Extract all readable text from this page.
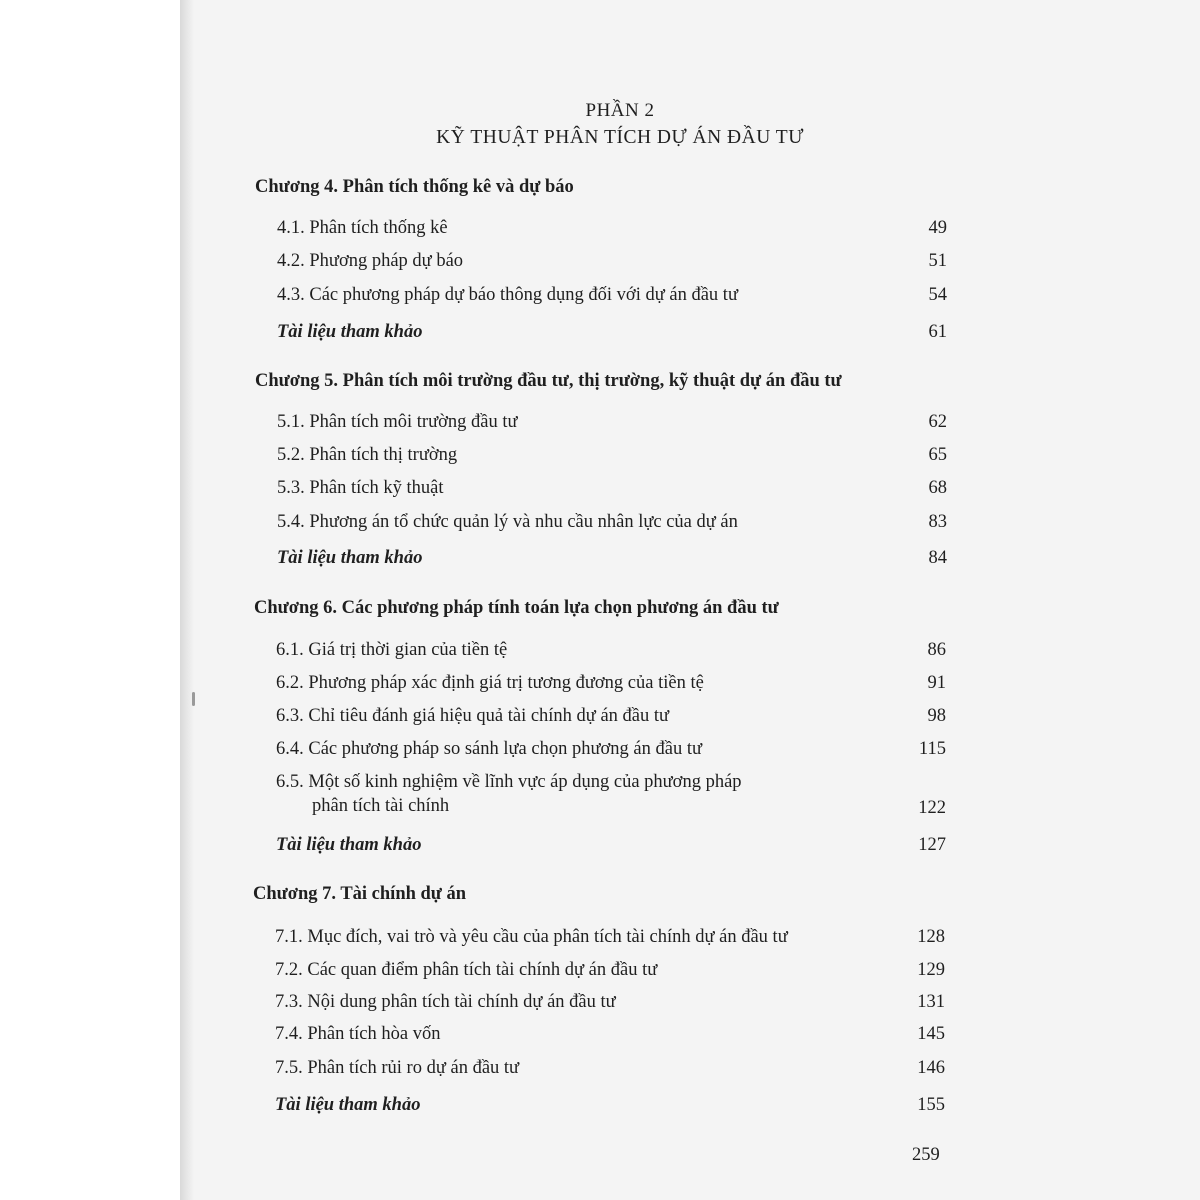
PHẦN 2
KỸ THUẬT PHÂN TÍCH DỰ ÁN ĐẦU TƯ
Chương 4. Phân tích thống kê và dự báo
4.1. Phân tích thống kê	49
4.2. Phương pháp dự báo	51
4.3. Các phương pháp dự báo thông dụng đối với dự án đầu tư	54
Tài liệu tham khảo	61
Chương 5. Phân tích môi trường đầu tư, thị trường, kỹ thuật dự án đầu tư
5.1. Phân tích môi trường đầu tư	62
5.2. Phân tích thị trường	65
5.3. Phân tích kỹ thuật	68
5.4. Phương án tổ chức quản lý và nhu cầu nhân lực của dự án	83
Tài liệu tham khảo	84
Chương 6. Các phương pháp tính toán lựa chọn phương án đầu tư
6.1. Giá trị thời gian của tiền tệ	86
6.2. Phương pháp xác định giá trị tương đương của tiền tệ	91
6.3. Chỉ tiêu đánh giá hiệu quả tài chính dự án đầu tư	98
6.4. Các phương pháp so sánh lựa chọn phương án đầu tư	115
6.5. Một số kinh nghiệm về lĩnh vực áp dụng của phương pháp
phân tích tài chính	122
Tài liệu tham khảo	127
Chương 7. Tài chính dự án
7.1. Mục đích, vai trò và yêu cầu của phân tích tài chính dự án đầu tư	128
7.2. Các quan điểm phân tích tài chính dự án đầu tư	129
7.3. Nội dung phân tích tài chính dự án đầu tư	131
7.4. Phân tích hòa vốn	145
7.5. Phân tích rủi ro dự án đầu tư	146
Tài liệu tham khảo	155
259
